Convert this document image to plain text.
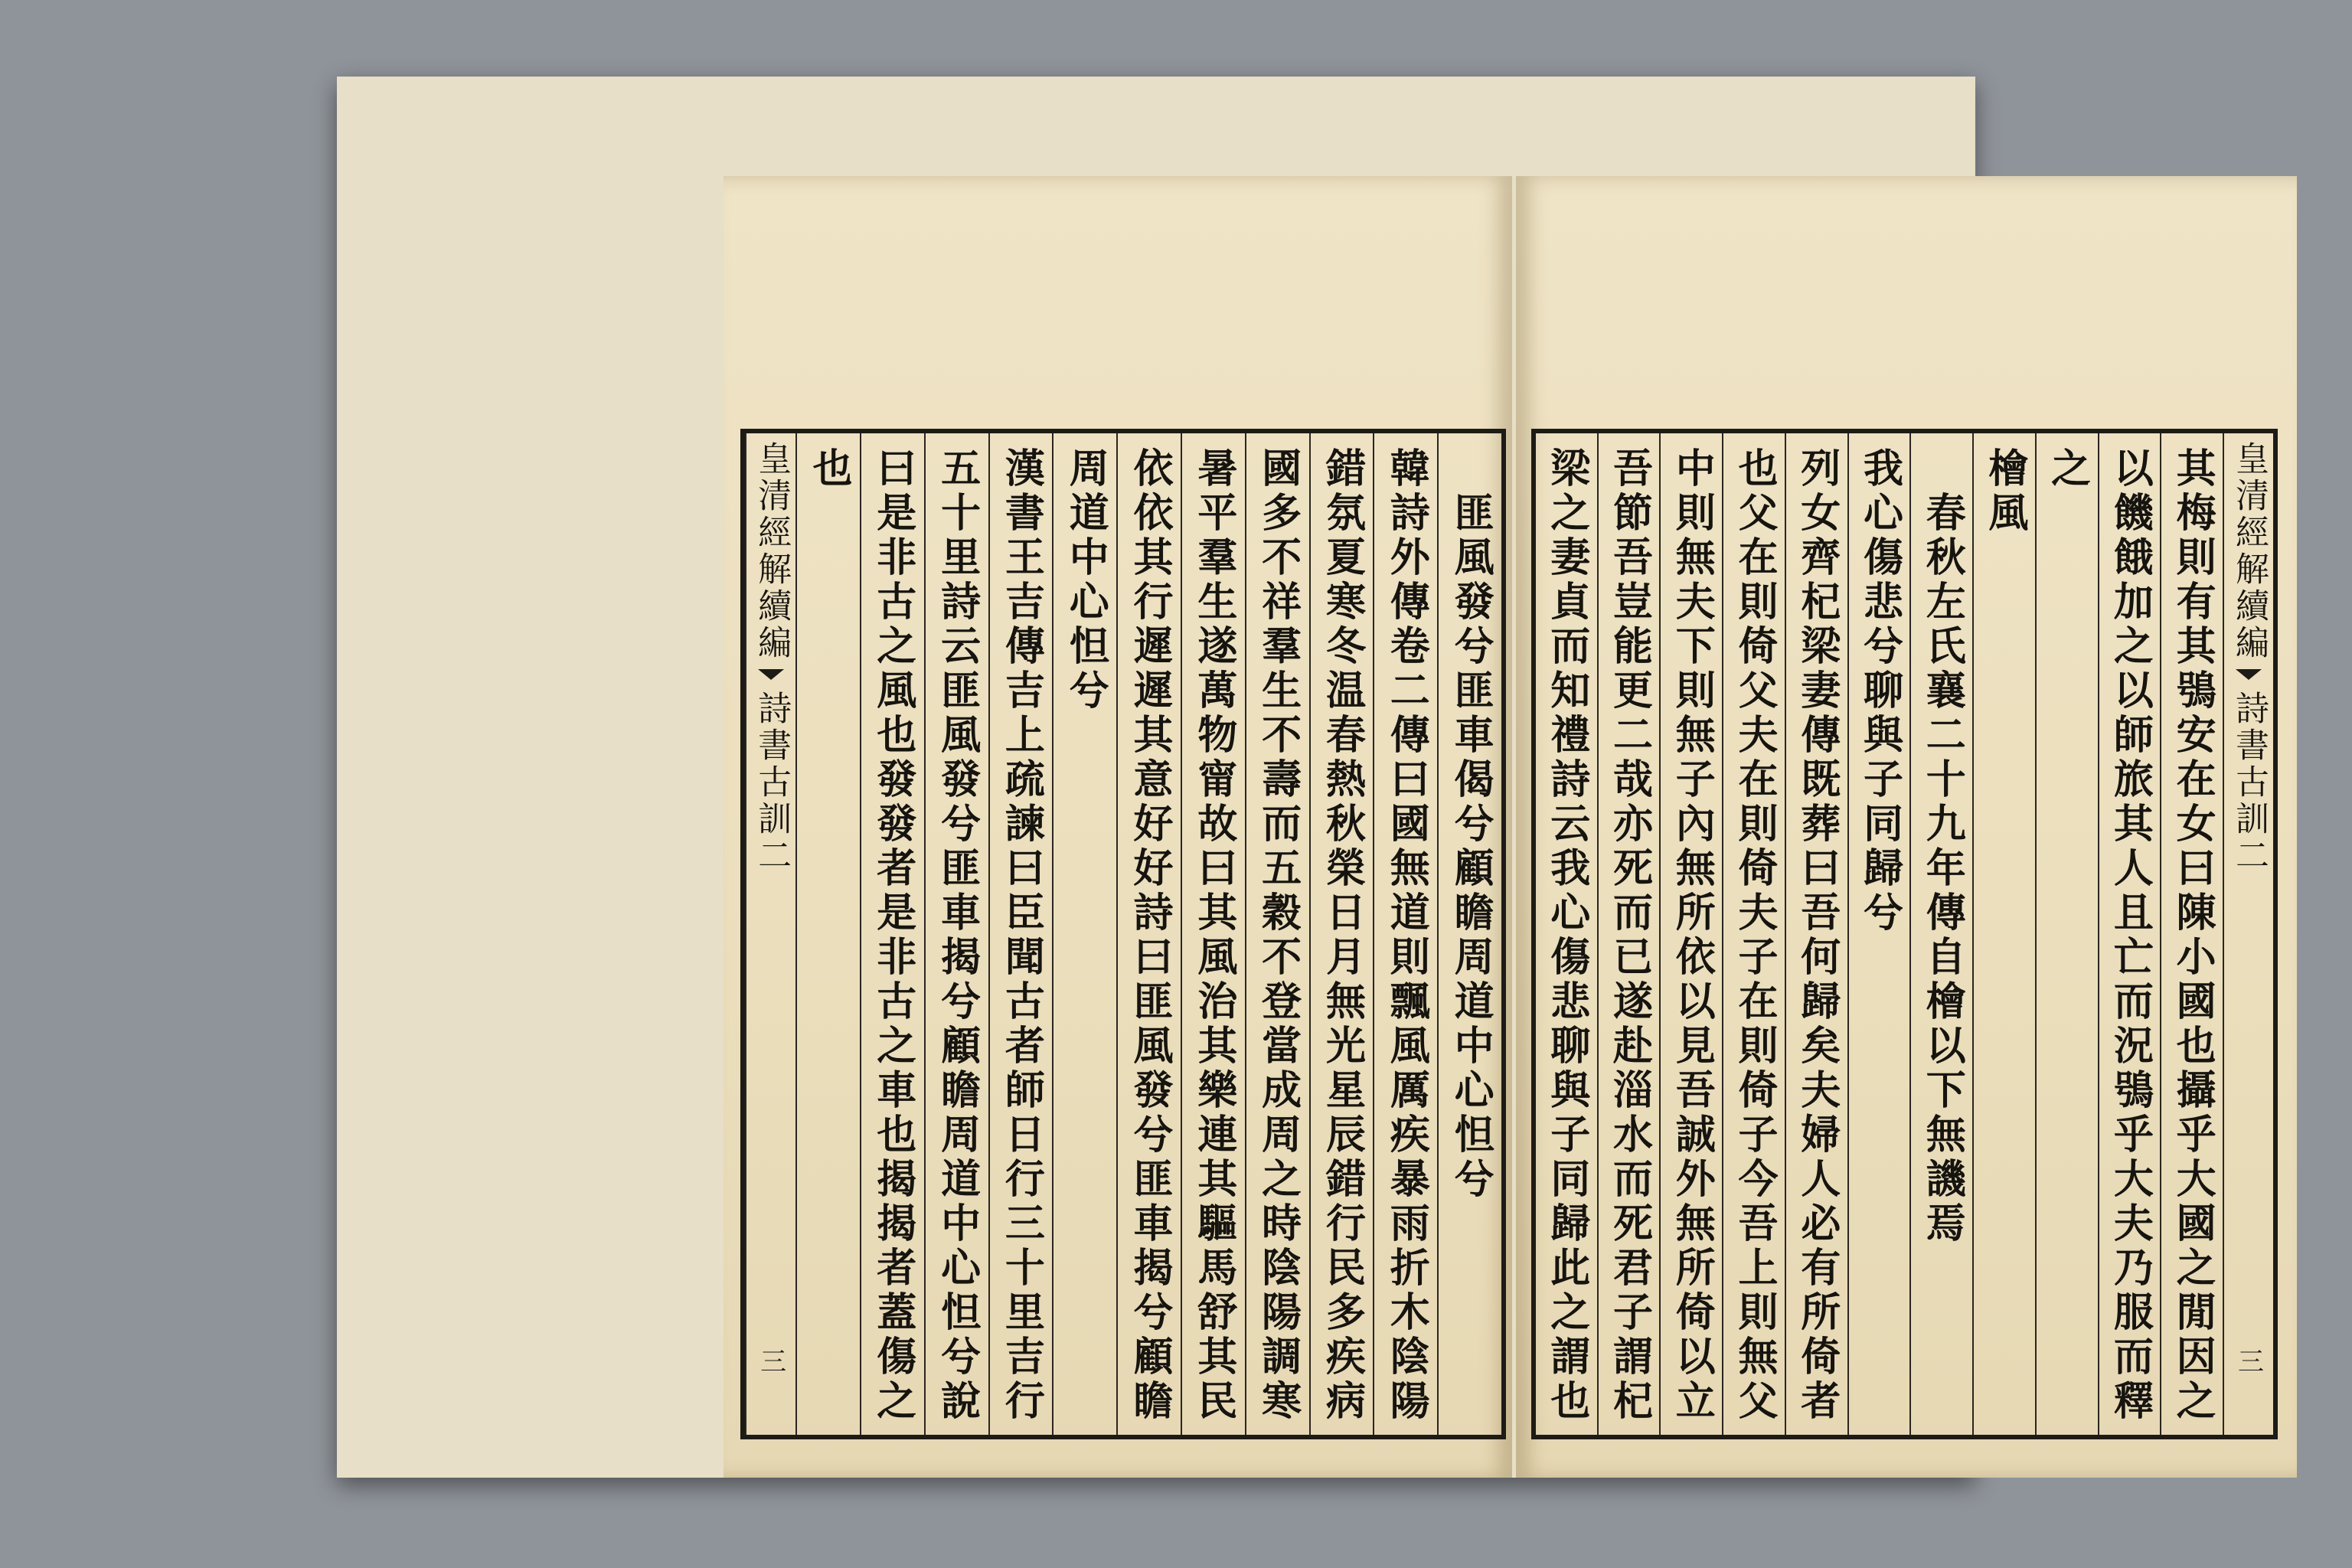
匪風發兮匪車偈兮顧瞻周道中心怛兮
韓詩外傳卷二傳曰國無道則飄風厲疾暴雨折木陰陽
錯氛夏寒冬温春熱秋榮日月無光星辰錯行民多疾病
國多不祥羣生不壽而五穀不登當成周之時陰陽調寒
暑平羣生遂萬物甯故曰其風治其樂連其驅馬舒其民
依依其行遲遲其意好好詩曰匪風發兮匪車揭兮顧瞻
周道中心怛兮
漢書王吉傳吉上疏諫曰臣聞古者師日行三十里吉行
五十里詩云匪風發兮匪車揭兮顧瞻周道中心怛兮說
曰是非古之風也發發者是非古之車也揭揭者蓋傷之
也
皇清經解續編
詩書古訓二
三
皇清經解續編
詩書古訓二
三
其梅則有其鴞安在女曰陳小國也攝乎大國之閒因之
以饑餓加之以師旅其人且亡而況鴞乎大夫乃服而釋
之
檜風
春秋左氏襄二十九年傳自檜以下無譏焉
我心傷悲兮聊與子同歸兮
列女齊杞梁妻傳既葬曰吾何歸矣夫婦人必有所倚者
也父在則倚父夫在則倚夫子在則倚子今吾上則無父
中則無夫下則無子內無所依以見吾誠外無所倚以立
吾節吾豈能更二哉亦死而已遂赴淄水而死君子謂杞
梁之妻貞而知禮詩云我心傷悲聊與子同歸此之謂也
